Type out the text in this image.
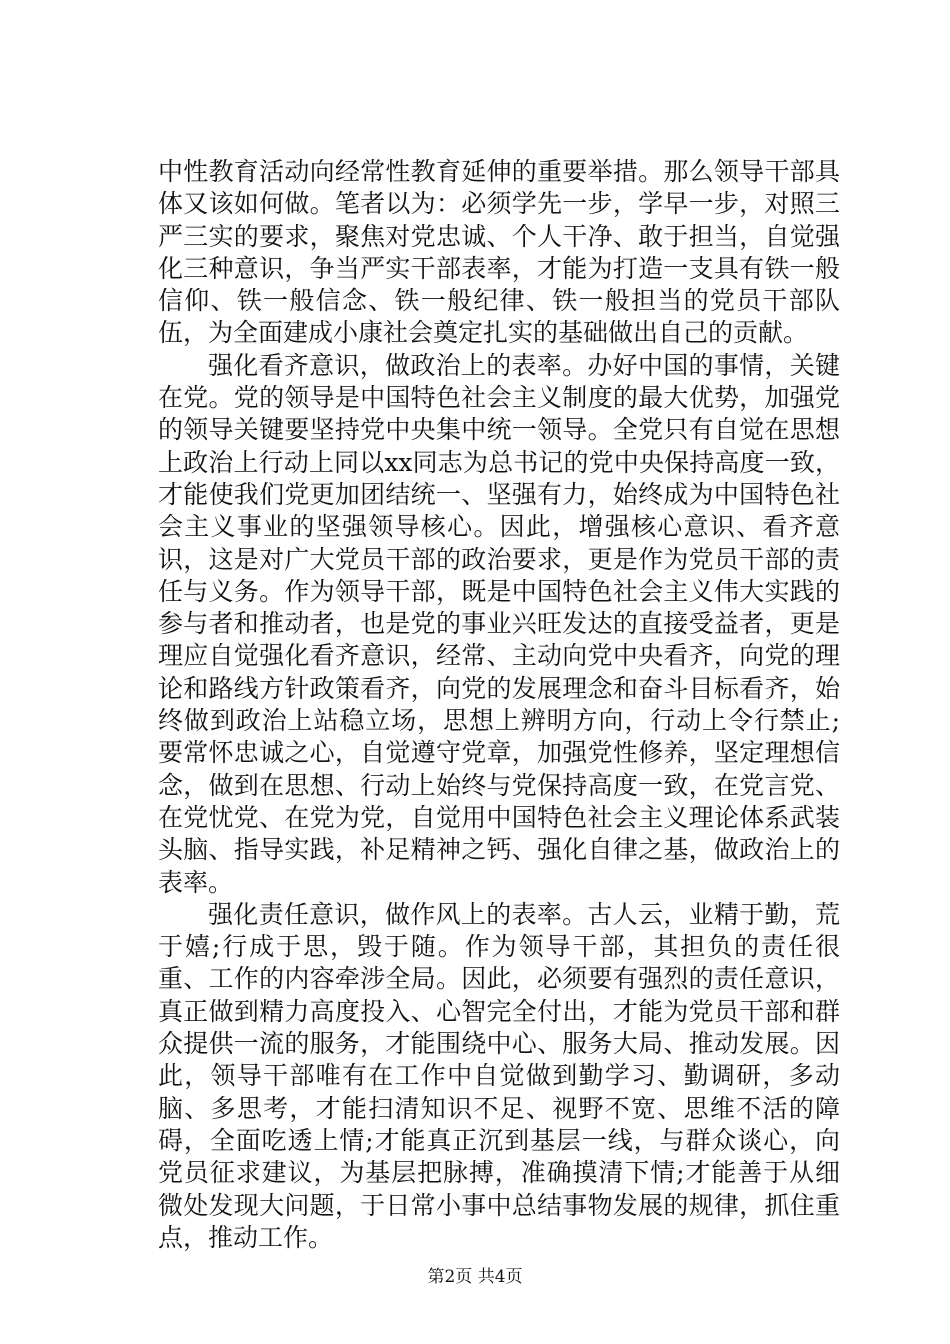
中性教育活动向经常性教育延伸的重要举措。那么领导干部具体又该如何做。笔者以为：必须学先一步，学早一步，对照三严三实的要求，聚焦对党忠诚、个人干净、敢于担当，自觉强化三种意识，争当严实干部表率，才能为打造一支具有铁一般信仰、铁一般信念、铁一般纪律、铁一般担当的党员干部队伍，为全面建成小康社会奠定扎实的基础做出自己的贡献。

强化看齐意识，做政治上的表率。办好中国的事情，关键在党。党的领导是中国特色社会主义制度的最大优势，加强党的领导关键要坚持党中央集中统一领导。全党只有自觉在思想上政治上行动上同以xx同志为总书记的党中央保持高度一致，才能使我们党更加团结统一、坚强有力，始终成为中国特色社会主义事业的坚强领导核心。因此，增强核心意识、看齐意识，这是对广大党员干部的政治要求，更是作为党员干部的责任与义务。作为领导干部，既是中国特色社会主义伟大实践的参与者和推动者，也是党的事业兴旺发达的直接受益者，更是理应自觉强化看齐意识，经常、主动向党中央看齐，向党的理论和路线方针政策看齐，向党的发展理念和奋斗目标看齐，始终做到政治上站稳立场，思想上辨明方向，行动上令行禁止;要常怀忠诚之心，自觉遵守党章，加强党性修养，坚定理想信念，做到在思想、行动上始终与党保持高度一致，在党言党、在党忧党、在党为党，自觉用中国特色社会主义理论体系武装头脑、指导实践，补足精神之钙、强化自律之基，做政治上的表率。

强化责任意识，做作风上的表率。古人云，业精于勤，荒于嬉;行成于思，毁于随。作为领导干部，其担负的责任很重、工作的内容牵涉全局。因此，必须要有强烈的责任意识，真正做到精力高度投入、心智完全付出，才能为党员干部和群众提供一流的服务，才能围绕中心、服务大局、推动发展。因此，领导干部唯有在工作中自觉做到勤学习、勤调研，多动脑、多思考，才能扫清知识不足、视野不宽、思维不活的障碍，全面吃透上情;才能真正沉到基层一线，与群众谈心，向党员征求建议，为基层把脉搏，准确摸清下情;才能善于从细微处发现大问题，于日常小事中总结事物发展的规律，抓住重点，推动工作。

第2页 共4页
